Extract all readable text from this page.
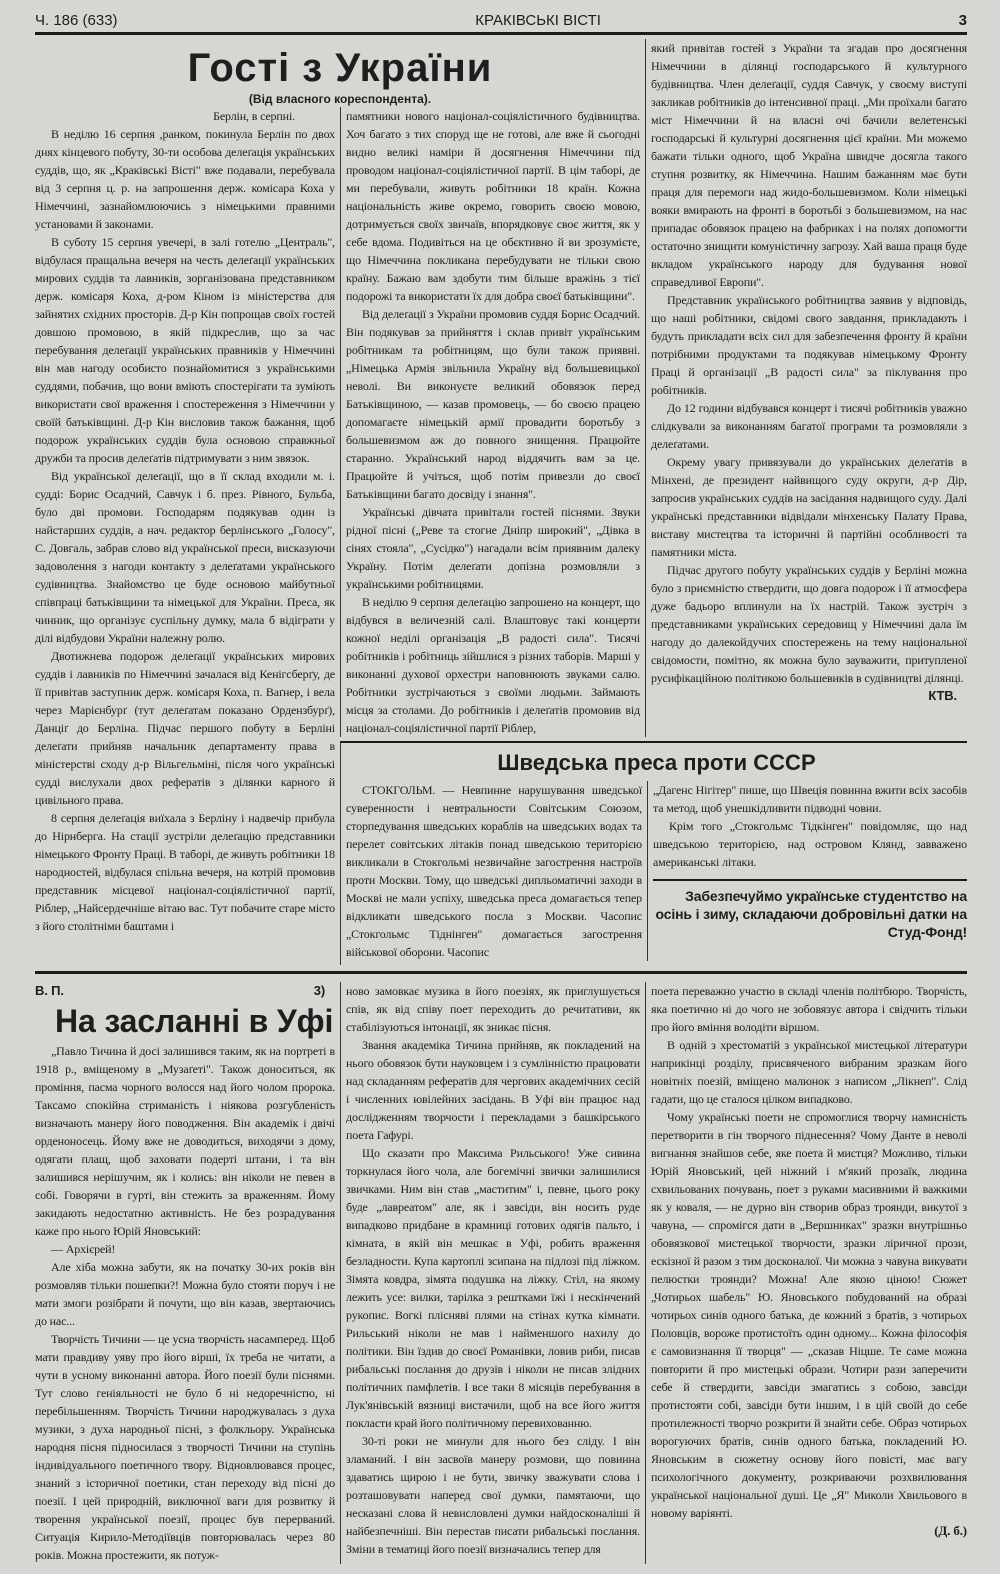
Ч. 186 (633)	КРАКІВСЬКІ ВІСТІ	3
Гості з України
(Від власного кореспондента).
Берлін, в серпні.

В неділю 16 серпня ,ранком, покинула Берлін по двох днях кінцевого побуту, 30-ти особова делеґація українських суддів, що, як „Краківські Вісті" вже подавали, перебувала від 3 серпня ц. р. на запрошення держ. комісара Коха у Німеччині, зазнайомлюючись з німецькими правними установами й законами.

В суботу 15 серпня увечері, в залі готелю „Централь", відбулася пращальна вечеря на честь делеґації українських мирових суддів та лавників, зорганізована представником держ. комісаря Коха, д-ром Кіном із міністерства для зайнятих східних просторів. Д-р Кін попрощав своїх гостей довшою промовою, в якій підкреслив, що за час перебування делеґації українських правників у Німеччині він мав нагоду особисто познайомитися з українськими суддями, побачив, що вони вміють спостерігати та зуміють використати свої враження і спостереження з Німеччини у своїй батьківщині. Д-р Кін висловив також бажання, щоб подорож українських суддів була основою справжньої дружби та просив делеґатів підтримувати з ним звязок.

Від української делеґації, що в її склад входили м. і. судді: Борис Осадчий, Савчук і б. през. Рівного, Бульба, було дві промови. Господарям подякував один із найстарших суддів, а нач. редактор берлінського „Голосу", С. Довгаль, забрав слово від української преси, висказуючи задоволення з нагоди контакту з делеґатами українського судівництва. Знайомство це буде основою майбутньої співпраці батьківщини та німецької для України. Преса, як чинник, що організує суспільну думку, мала б відіграти у ділі відбудови України належну ролю.

Двотижнева подорож делеґації українських мирових суддів і лавників по Німеччині зачалася від Кенігсберґу, де її привітав заступник держ. комісаря Коха, п. Ваґнер, і вела через Марієнбурґ (тут делеґатам показано Ордензбурґ), Данціґ до Берліна. Підчас першого побуту в Берліні делеґати прийняв начальник департаменту права в міністерстві сходу д-р Вільгельміні, після чого українські судді вислухали двох рефератів з ділянки карного й цивільного права.

8 серпня делеґація виїхала з Берліну і надвечір прибула до Нірнберга. На стації зустріли делеґацію представники німецького Фронту Праці. В таборі, де живуть робітники 18 народностей, відбулася спільна вечеря, на котрій промовив представник місцевої націонал-соціялістичної партії, Ріблер, „Найсердечніше вітаю вас. Тут побачите старе місто з його столітніми баштами і

памятники нового націонал-соціялістичного будівництва. Хоч багато з тих споруд ще не готові, але вже й сьогодні видно великі наміри й досягнення Німеччини під проводом націонал-соціялістичної партії. В цім таборі, де ми перебували, живуть робітники 18 країн. Кожна національність живе окремо, говорить своєю мовою, дотримується своїх звичаїв, впорядковує своє життя, як у себе вдома. Подивіться на це обєктивно й ви зрозумієте, що Німеччина покликана перебудувати не тільки свою країну. Бажаю вам здобути тим більше вражінь з тієї подорожі та використати їх для добра своєї батьківщини".

Від делеґації з України промовив суддя Борис Осадчий. Він подякував за прийняття і склав привіт українським робітникам та робітницям, що були також приявні. „Німецька Армія звільнила Україну від большевицької неволі. Ви виконуєте великий обовязок перед Батьківщиною, — казав промовець, — бо своєю працею допомагаєте німецькій армії провадити боротьбу з большевизмом аж до повного знищення. Працюйте старанно. Український народ віддячить вам за це. Працюйте й учіться, щоб потім привезли до своєї Батьківщини багато досвіду і знання".

Українські дівчата привітали гостей піснями. Звуки рідної пісні („Реве та стогне Дніпр широкий", „Дівка в сінях стояла", „Сусідко") нагадали всім приявним далеку Україну. Потім делеґати допізна розмовляли з українськими робітницями.

В неділю 9 серпня делеґацію запрошено на концерт, що відбувся в величезній салі. Влаштовує такі концерти кожної неділі організація „В радості сила". Тисячі робітників і робітниць зійшлися з різних таборів. Марші у виконанні духової орхестри наповнюють звуками салю. Робітники зустрічаються з своїми людьми. Займають місця за столами. До робітників і делеґатів промовив від націонал-соціялістичної партії Ріблер,

який привітав гостей з України та згадав про досягнення Німеччини в ділянці господарського й культурного будівництва. Член делеґації, суддя Савчук, у своєму виступі закликав робітників до інтенсивної праці. „Ми проїхали багато міст Німеччини й на власні очі бачили велетенські господарські й культурні досягнення цієї країни. Ми можемо бажати тільки одного, щоб Україна швидче досягла такого ступня розвитку, як Німеччина. Нашим бажанням має бути праця для перемоги над жидо-большевизмом. Коли німецькі вояки вмирають на фронті в боротьбі з большевизмом, на нас припадає обовязок працею на фабриках і на полях допомогти остаточно знищити комуністичну загрозу. Хай ваша праця буде вкладом українського народу для будування нової справедливої Европи".

Представник українського робітництва заявив у відповідь, що наші робітники, свідомі свого завдання, прикладають і будуть прикладати всіх сил для забезпечення фронту й країни потрібними продуктами та подякував німецькому Фронту Праці й організації „В радості сила" за піклування про робітників.

До 12 години відбувався концерт і тисячі робітників уважно слідкували за виконанням багатої програми та розмовляли з делеґатами.

Окрему увагу привязували до українських делеґатів в Мінхені, де президент найвищого суду округи, д-р Дір, запросив українських суддів на засідання надвищого суду. Далі українські представники відвідали мінхенську Палату Права, виставу мистецтва та історичні й партійні особливості та памятники міста.

Підчас другого побуту українських суддів у Берліні можна було з приємністю ствердити, що довга подорож і її атмосфера дуже бадьоро вплинули на їх настрій. Також зустріч з представниками українських середовищ у Німеччині дала їм нагоду до далекойдучих спостережень на тему національної свідомости, помітно, як можна було зауважити, притупленої русифікаційною політикою большевиків в судівництві ділянці.

КТВ.
Шведська преса проти СССР

СТОКГОЛЬМ. — Невпинне нарушування шведської суверенности і невтральности Совітським Союзом, сторпедування шведських кораблів на шведських водах та перелет совітських літаків понад шведською територією викликали в Стокгольмі незвичайне загострення настроїв проти Москви. Тому, що шведські дипльоматичні заходи в Москві не мали успіху, шведська преса домагається тепер відкликати шведського посла з Москви. Часопис „Стокгольмс Тіднінген" домагається загострення військової оборони. Часопис

„Дагенс Нігітер" пише, що Швеція повинна вжити всіх засобів та метод, щоб унешкідливити підводні човни.

Крім того „Стокгольмс Тідкінген" повідомляє, що над шведською територією, над островом Клянд, завважено американські літаки.

Забезпечуймо українське студентство на осінь і зиму, складаючи добровільні датки на Студ-Фонд!
В. П.	3)
На засланні в Уфі

„Павло Тичина й досі залишився таким, як на портреті в 1918 р., вміщеному в „Музаґеті". Також доноситься, як проміння, пасма чорного волосся над його чолом пророка. Таксамо спокійна стриманість і ніякова розгубленість визначають манеру його поводження. Він академік і двічі орденоносець. Йому вже не доводиться, виходячи з дому, одягати плащ, щоб заховати подерті штани, і та він залишився нерішучим, як і колись: він ніколи не певен в собі. Говорячи в гурті, він стежить за враженням. Йому закидають недостатню активність. Не без розрадування каже про нього Юрій Яновський:

— Архієрей!

Але хіба можна забути, як на початку 30-их років він розмовляв тільки пошепки?! Можна було стояти поруч і не мати змоги розібрати й почути, що він казав, звертаючись до нас...

Творчість Тичини — це усна творчість насамперед. Щоб мати правдиву уяву про його вірші, їх треба не читати, а чути в усному виконанні автора. Його поезії були піснями. Тут слово геніяльності не було б ні недоречністю, ні перебільшенням. Творчість Тичини народжувалась з духа музики, з духа народньої пісні, з фолкльору. Українська народня пісня підносилася з творчості Тичини на ступінь індивідуального поетичного твору. Відновлювався процес, знаний з історичної поетики, стан переходу від пісні до поезії. І цей природній, виключної ваги для розвитку й творення української поезії, процес був перерваний. Ситуація Кирило-Методіївців повторювалась через 80 років. Можна простежити, як потуж-

ново замовкає музика в його поезіях, як приглушується спів, як від співу поет переходить до речитативи, як стабілізуються інтонації, як зникає пісня.

Звання академіка Тичина прийняв, як покладений на нього обовязок бути науковцем і з сумлінністю працювати над складанням рефератів для чергових академічних сесій і численних ювілейних засідань. В Уфі він працює над дослідженням творчости і перекладами з башкірського поета Гафурі.

Що сказати про Максима Рильського! Уже сивина торкнулася його чола, але богемічні звички залишилися звичками. Ним він став „маститим" і, певне, цього року буде „лавреатом" але, як і завсіди, він носить руде випадково придбане в крамниці готових одягів пальто, і кімната, в якій він мешкає в Уфі, робить враження безладности. Купа картоплі зсипана на підлозі під ліжком. Зімята ковдра, зімята подушка на ліжку. Стіл, на якому лежить усе: вилки, тарілка з рештками їжі і нескінчений рукопис. Вогкі плісняві плями на стінах кутка кімнати. Рильський ніколи не мав і найменшого нахилу до політики. Він їздив до своєї Романівки, ловив риби, писав рибальські послання до друзів і ніколи не писав злідних політичних памфлетів. І все таки 8 місяців перебування в Лук'янівській вязниці вистачили, щоб на все його життя покласти край його політичному перевихованню.

30-ті роки не минули для нього без сліду. І він зламаний. І він засвоїв манеру розмови, що повинна здаватись щирою і не бути, звичку зважувати слова і розташовувати наперед свої думки, памятаючи, що несказані слова й невисловлені думки найдосконаліші й найбезпечніші. Він перестав писати рибальські послання. Зміни в тематиці його поезії визначались тепер для

поета переважно участю в складі членів політбюро. Творчість, яка поетично ні до чого не зобовязує автора і свідчить тільки про його вміння володіти віршом.

В одній з хрестоматій з української мистецької літератури наприкінці розділу, присвяченого вибраним зразкам його новітніх поезій, вміщено малюнок з написом „Лікнеп". Слід гадати, що це сталося цілком випадково.

Чому українські поети не спромоглися творчу намисність перетворити в гін творчого піднесення? Чому Данте в неволі вигнання знайшов себе, яке поета й мистця? Можливо, тільки Юрій Яновський, цей ніжний і м'який прозаїк, людина схвильованих почувань, поет з руками масивними й важкими як у коваля, — не дурно він створив образ троянди, викутої з чавуна, — спромігся дати в „Вершниках" зразки внутрішньо обовязкової мистецької творчости, зразки ліричної прози, ескізної й разом з тим досконалої. Чи можна з чавуна викувати пелюстки троянди? Можна! Але якою ціною! Сюжет „Чотирьох шабель" Ю. Яновського побудований на образі чотирьох синів одного батька, де кожний з братів, з чотирьох Половців, вороже протистоїть один одному... Кожна філософія є самовизнання її творця" — „сказав Ніцше. Те саме можна повторити й про мистецькі образи. Чотири рази заперечити себе й ствердити, завсіди змагатись з собою, завсіди протистояти собі, завсіди бути іншим, і в цій своїй до себе протилежності творчо розкрити й знайти себе. Образ чотирьох ворогуючих братів, синів одного батька, покладений Ю. Яновським в сюжетну основу його повісті, має вагу психологічного документу, розкриваючи розхвилювання української національної душі. Це „Я" Миколи Хвильового в новому варіянті.

(Д. б.)
